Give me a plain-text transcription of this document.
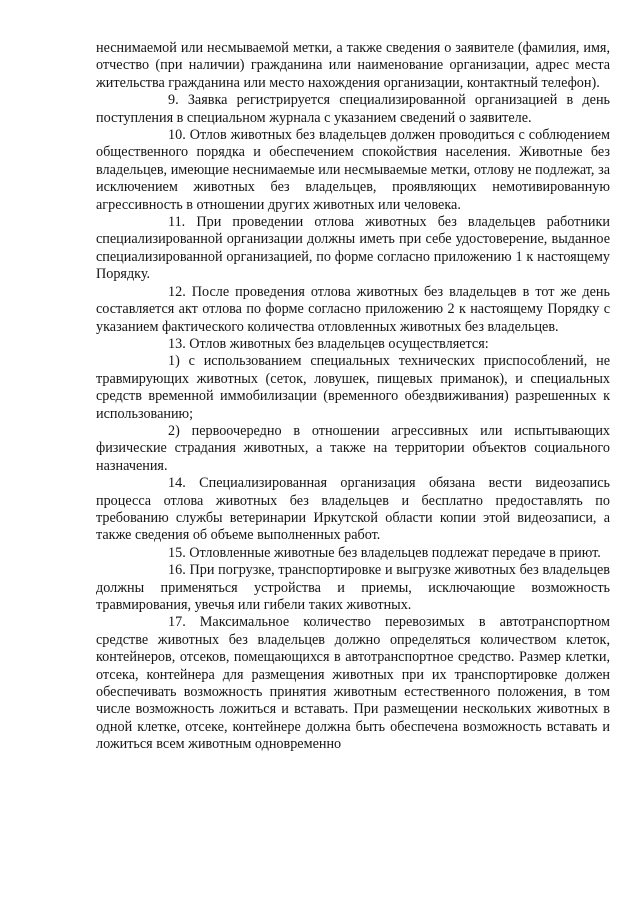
неснимаемой или несмываемой метки, а также сведения о заявителе (фамилия, имя, отчество (при наличии) гражданина или наименование организации, адрес места жительства гражданина или место нахождения организации, контактный телефон).

9. Заявка регистрируется специализированной организацией в день поступления в специальном журнала с указанием сведений о заявителе.

10. Отлов животных без владельцев должен проводиться с соблюдением общественного порядка и обеспечением спокойствия населения. Животные без владельцев, имеющие неснимаемые или несмываемые метки, отлову не подлежат, за исключением животных без владельцев, проявляющих немотивированную агрессивность в отношении других животных или человека.

11. При проведении отлова животных без владельцев работники специализированной организации должны иметь при себе удостоверение, выданное специализированной организацией, по форме согласно приложению 1 к настоящему Порядку.

12. После проведения отлова животных без владельцев в тот же день составляется акт отлова по форме согласно приложению 2 к настоящему Порядку с указанием фактического количества отловленных животных без владельцев.

13. Отлов животных без владельцев осуществляется:

1) с использованием специальных технических приспособлений, не травмирующих животных (сеток, ловушек, пищевых приманок), и специальных средств временной иммобилизации (временного обездвиживания) разрешенных к использованию;

2) первоочередно в отношении агрессивных или испытывающих физические страдания животных, а также на территории объектов социального назначения.

14. Специализированная организация обязана вести видеозапись процесса отлова животных без владельцев и бесплатно предоставлять по требованию службы ветеринарии Иркутской области копии этой видеозаписи, а также сведения об объеме выполненных работ.

15. Отловленные животные без владельцев подлежат передаче в приют.

16. При погрузке, транспортировке и выгрузке животных без владельцев должны применяться устройства и приемы, исключающие возможность травмирования, увечья или гибели таких животных.

17. Максимальное количество перевозимых в автотранспортном средстве животных без владельцев должно определяться количеством клеток, контейнеров, отсеков, помещающихся в автотранспортное средство. Размер клетки, отсека, контейнера для размещения животных при их транспортировке должен обеспечивать возможность принятия животным естественного положения, в том числе возможность ложиться и вставать. При размещении нескольких животных в одной клетке, отсеке, контейнере должна быть обеспечена возможность вставать и ложиться всем животным одновременно
